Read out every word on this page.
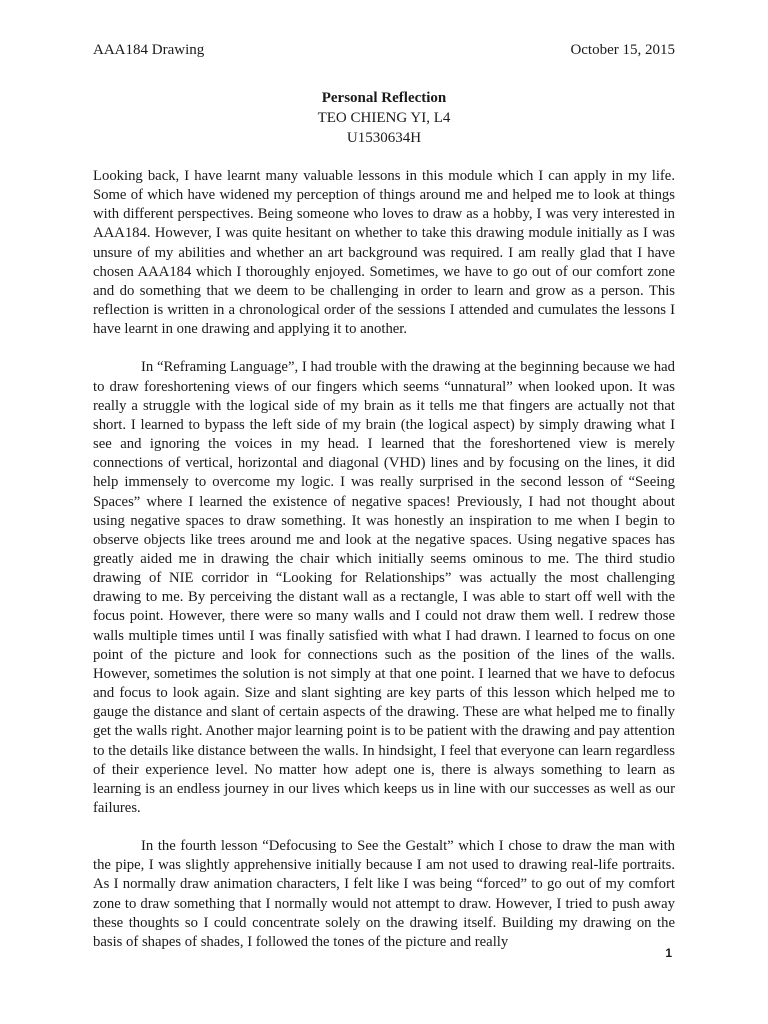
AAA184 Drawing	October 15, 2015
Personal Reflection
TEO CHIENG YI, L4
U1530634H

Looking back, I have learnt many valuable lessons in this module which I can apply in my life. Some of which have widened my perception of things around me and helped me to look at things with different perspectives. Being someone who loves to draw as a hobby, I was very interested in AAA184. However, I was quite hesitant on whether to take this drawing module initially as I was unsure of my abilities and whether an art background was required. I am really glad that I have chosen AAA184 which I thoroughly enjoyed. Sometimes, we have to go out of our comfort zone and do something that we deem to be challenging in order to learn and grow as a person. This reflection is written in a chronological order of the sessions I attended and cumulates the lessons I have learnt in one drawing and applying it to another.

In “Reframing Language”, I had trouble with the drawing at the beginning because we had to draw foreshortening views of our fingers which seems “unnatural” when looked upon. It was really a struggle with the logical side of my brain as it tells me that fingers are actually not that short. I learned to bypass the left side of my brain (the logical aspect) by simply drawing what I see and ignoring the voices in my head. I learned that the foreshortened view is merely connections of vertical, horizontal and diagonal (VHD) lines and by focusing on the lines, it did help immensely to overcome my logic. I was really surprised in the second lesson of “Seeing Spaces” where I learned the existence of negative spaces! Previously, I had not thought about using negative spaces to draw something. It was honestly an inspiration to me when I begin to observe objects like trees around me and look at the negative spaces. Using negative spaces has greatly aided me in drawing the chair which initially seems ominous to me. The third studio drawing of NIE corridor in “Looking for Relationships” was actually the most challenging drawing to me. By perceiving the distant wall as a rectangle, I was able to start off well with the focus point. However, there were so many walls and I could not draw them well. I redrew those walls multiple times until I was finally satisfied with what I had drawn. I learned to focus on one point of the picture and look for connections such as the position of the lines of the walls. However, sometimes the solution is not simply at that one point. I learned that we have to defocus and focus to look again. Size and slant sighting are key parts of this lesson which helped me to gauge the distance and slant of certain aspects of the drawing. These are what helped me to finally get the walls right. Another major learning point is to be patient with the drawing and pay attention to the details like distance between the walls. In hindsight, I feel that everyone can learn regardless of their experience level. No matter how adept one is, there is always something to learn as learning is an endless journey in our lives which keeps us in line with our successes as well as our failures.

In the fourth lesson “Defocusing to See the Gestalt” which I chose to draw the man with the pipe, I was slightly apprehensive initially because I am not used to drawing real-life portraits. As I normally draw animation characters, I felt like I was being “forced” to go out of my comfort zone to draw something that I normally would not attempt to draw. However, I tried to push away these thoughts so I could concentrate solely on the drawing itself. Building my drawing on the basis of shapes of shades, I followed the tones of the picture and really

1
